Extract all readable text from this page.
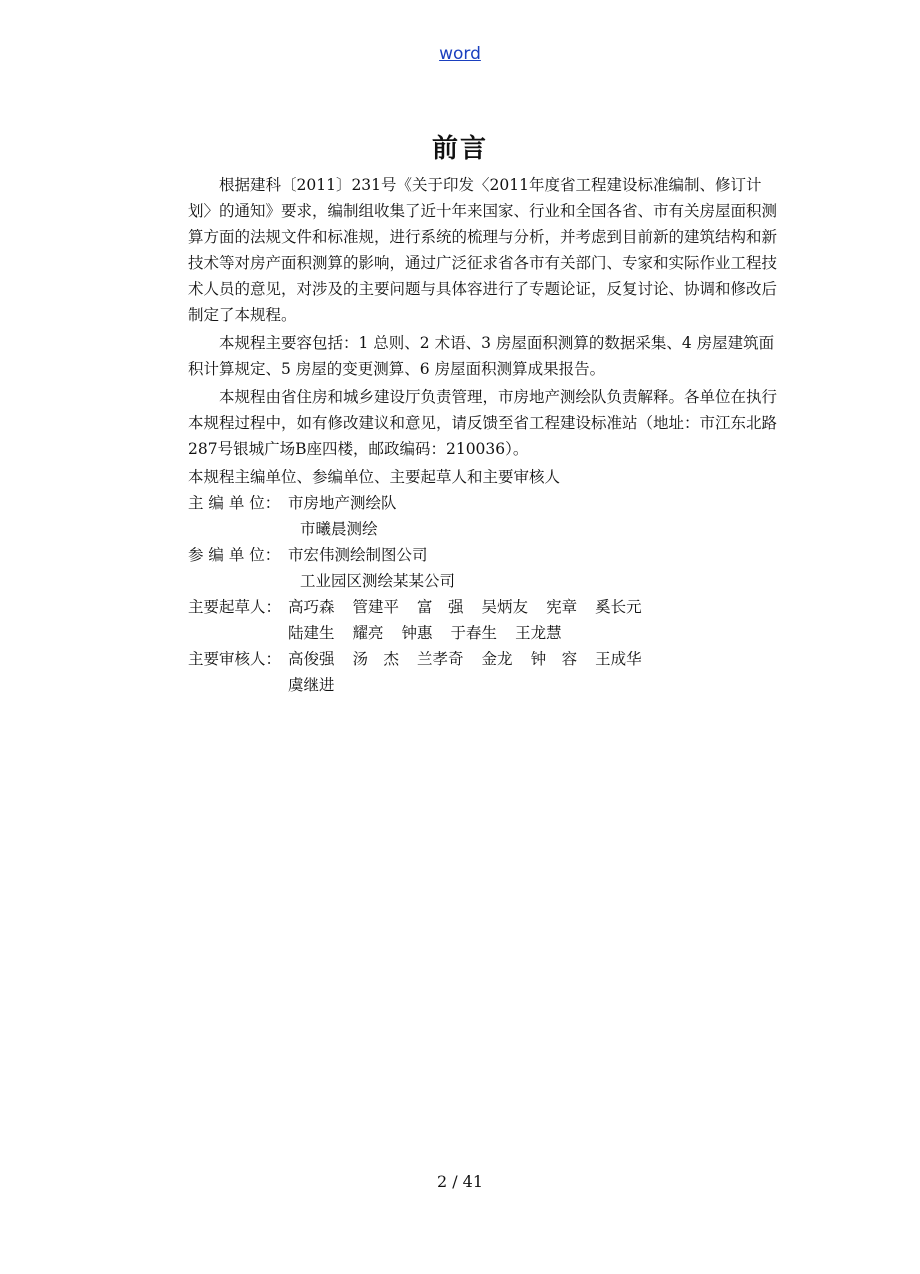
word
前言

根据建科〔2011〕231号《关于印发〈2011年度省工程建设标准编制、修订计划〉的通知》要求，编制组收集了近十年来国家、行业和全国各省、市有关房屋面积测算方面的法规文件和标准规，进行系统的梳理与分析，并考虑到目前新的建筑结构和新技术等对房产面积测算的影响，通过广泛征求省各市有关部门、专家和实际作业工程技术人员的意见，对涉及的主要问题与具体容进行了专题论证，反复讨论、协调和修改后制定了本规程。

本规程主要容包括：1 总则、2 术语、3 房屋面积测算的数据采集、4 房屋建筑面积计算规定、5 房屋的变更测算、6 房屋面积测算成果报告。

本规程由省住房和城乡建设厅负责管理，市房地产测绘队负责解释。各单位在执行本规程过程中，如有修改建议和意见，请反馈至省工程建设标准站（地址：市江东北路287号银城广场B座四楼，邮政编码：210036）。

本规程主编单位、参编单位、主要起草人和主要审核人
主 编 单 位： 市房地产测绘队
市曦晨测绘
参 编 单 位： 市宏伟测绘制图公司
工业园区测绘某某公司
主要起草人： 高巧森 管建平 富　强 吴炳友 宪章 奚长元
陆建生 耀亮 钟惠 于春生 王龙慧
主要审核人： 高俊强 汤　杰 兰孝奇 金龙 钟　容 王成华
虞继进
2 / 41
